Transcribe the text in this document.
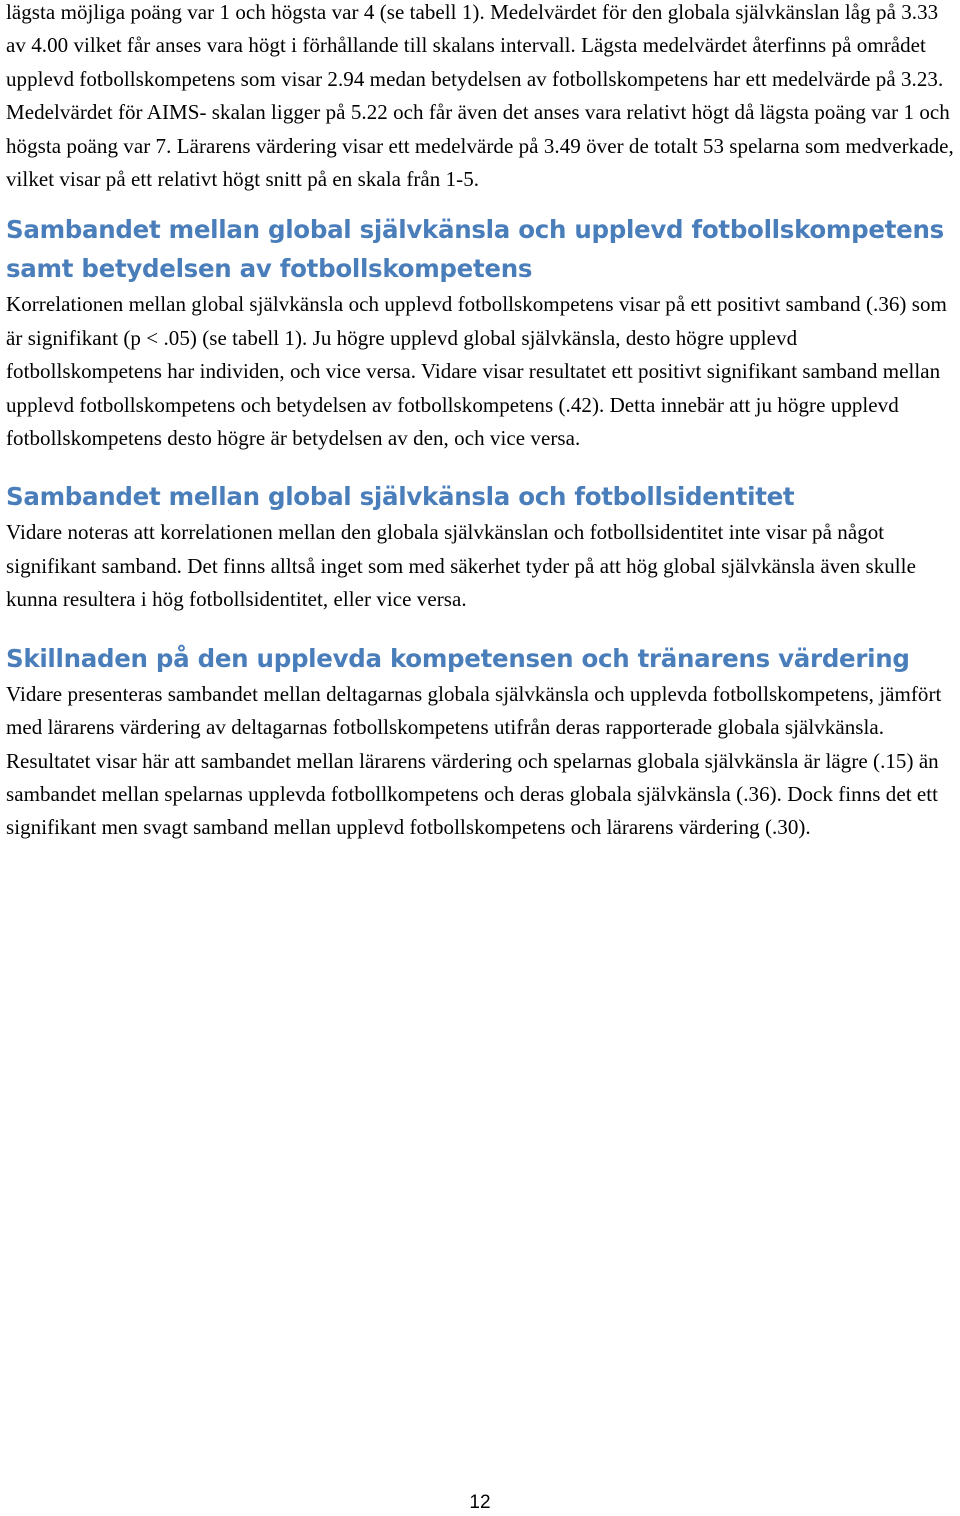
lägsta möjliga poäng var 1 och högsta var 4 (se tabell 1). Medelvärdet för den globala självkänslan låg på 3.33 av 4.00 vilket får anses vara högt i förhållande till skalans intervall. Lägsta medelvärdet återfinns på området upplevd fotbollskompetens som visar 2.94 medan betydelsen av fotbollskompetens har ett medelvärde på 3.23. Medelvärdet för AIMS- skalan ligger på 5.22 och får även det anses vara relativt högt då lägsta poäng var 1 och högsta poäng var 7. Lärarens värdering visar ett medelvärde på 3.49 över de totalt 53 spelarna som medverkade, vilket visar på ett relativt högt snitt på en skala från 1-5.

Sambandet mellan global självkänsla och upplevd fotbollskompetens samt betydelsen av fotbollskompetens

Korrelationen mellan global självkänsla och upplevd fotbollskompetens visar på ett positivt samband (.36) som är signifikant (p < .05) (se tabell 1). Ju högre upplevd global självkänsla, desto högre upplevd fotbollskompetens har individen, och vice versa. Vidare visar resultatet ett positivt signifikant samband mellan upplevd fotbollskompetens och betydelsen av fotbollskompetens (.42). Detta innebär att ju högre upplevd fotbollskompetens desto högre är betydelsen av den, och vice versa.

Sambandet mellan global självkänsla och fotbollsidentitet

Vidare noteras att korrelationen mellan den globala självkänslan och fotbollsidentitet inte visar på något signifikant samband. Det finns alltså inget som med säkerhet tyder på att hög global självkänsla även skulle kunna resultera i hög fotbollsidentitet, eller vice versa.

Skillnaden på den upplevda kompetensen och tränarens värdering

Vidare presenteras sambandet mellan deltagarnas globala självkänsla och upplevda fotbollskompetens, jämfört med lärarens värdering av deltagarnas fotbollskompetens utifrån deras rapporterade globala självkänsla. Resultatet visar här att sambandet mellan lärarens värdering och spelarnas globala självkänsla är lägre (.15) än sambandet mellan spelarnas upplevda fotbollkompetens och deras globala självkänsla (.36). Dock finns det ett signifikant men svagt samband mellan upplevd fotbollskompetens och lärarens värdering (.30).

12
